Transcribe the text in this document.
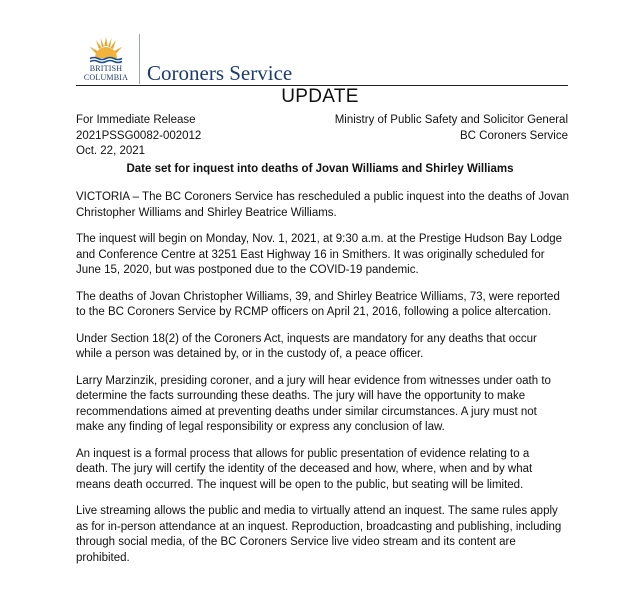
BRITISH
COLUMBIA Coroners Service
UPDATE
For Immediate Release
2021PSSG0082-002012
Oct. 22, 2021
Ministry of Public Safety and Solicitor General
BC Coroners Service
Date set for inquest into deaths of Jovan Williams and Shirley Williams

VICTORIA – The BC Coroners Service has rescheduled a public inquest into the deaths of Jovan
Christopher Williams and Shirley Beatrice Williams.

The inquest will begin on Monday, Nov. 1, 2021, at 9:30 a.m. at the Prestige Hudson Bay Lodge
and Conference Centre at 3251 East Highway 16 in Smithers. It was originally scheduled for
June 15, 2020, but was postponed due to the COVID-19 pandemic.

The deaths of Jovan Christopher Williams, 39, and Shirley Beatrice Williams, 73, were reported
to the BC Coroners Service by RCMP officers on April 21, 2016, following a police altercation.

Under Section 18(2) of the Coroners Act, inquests are mandatory for any deaths that occur
while a person was detained by, or in the custody of, a peace officer.

Larry Marzinzik, presiding coroner, and a jury will hear evidence from witnesses under oath to
determine the facts surrounding these deaths. The jury will have the opportunity to make
recommendations aimed at preventing deaths under similar circumstances. A jury must not
make any finding of legal responsibility or express any conclusion of law.

An inquest is a formal process that allows for public presentation of evidence relating to a
death. The jury will certify the identity of the deceased and how, where, when and by what
means death occurred. The inquest will be open to the public, but seating will be limited.

Live streaming allows the public and media to virtually attend an inquest. The same rules apply
as for in-person attendance at an inquest. Reproduction, broadcasting and publishing, including
through social media, of the BC Coroners Service live video stream and its content are
prohibited.
